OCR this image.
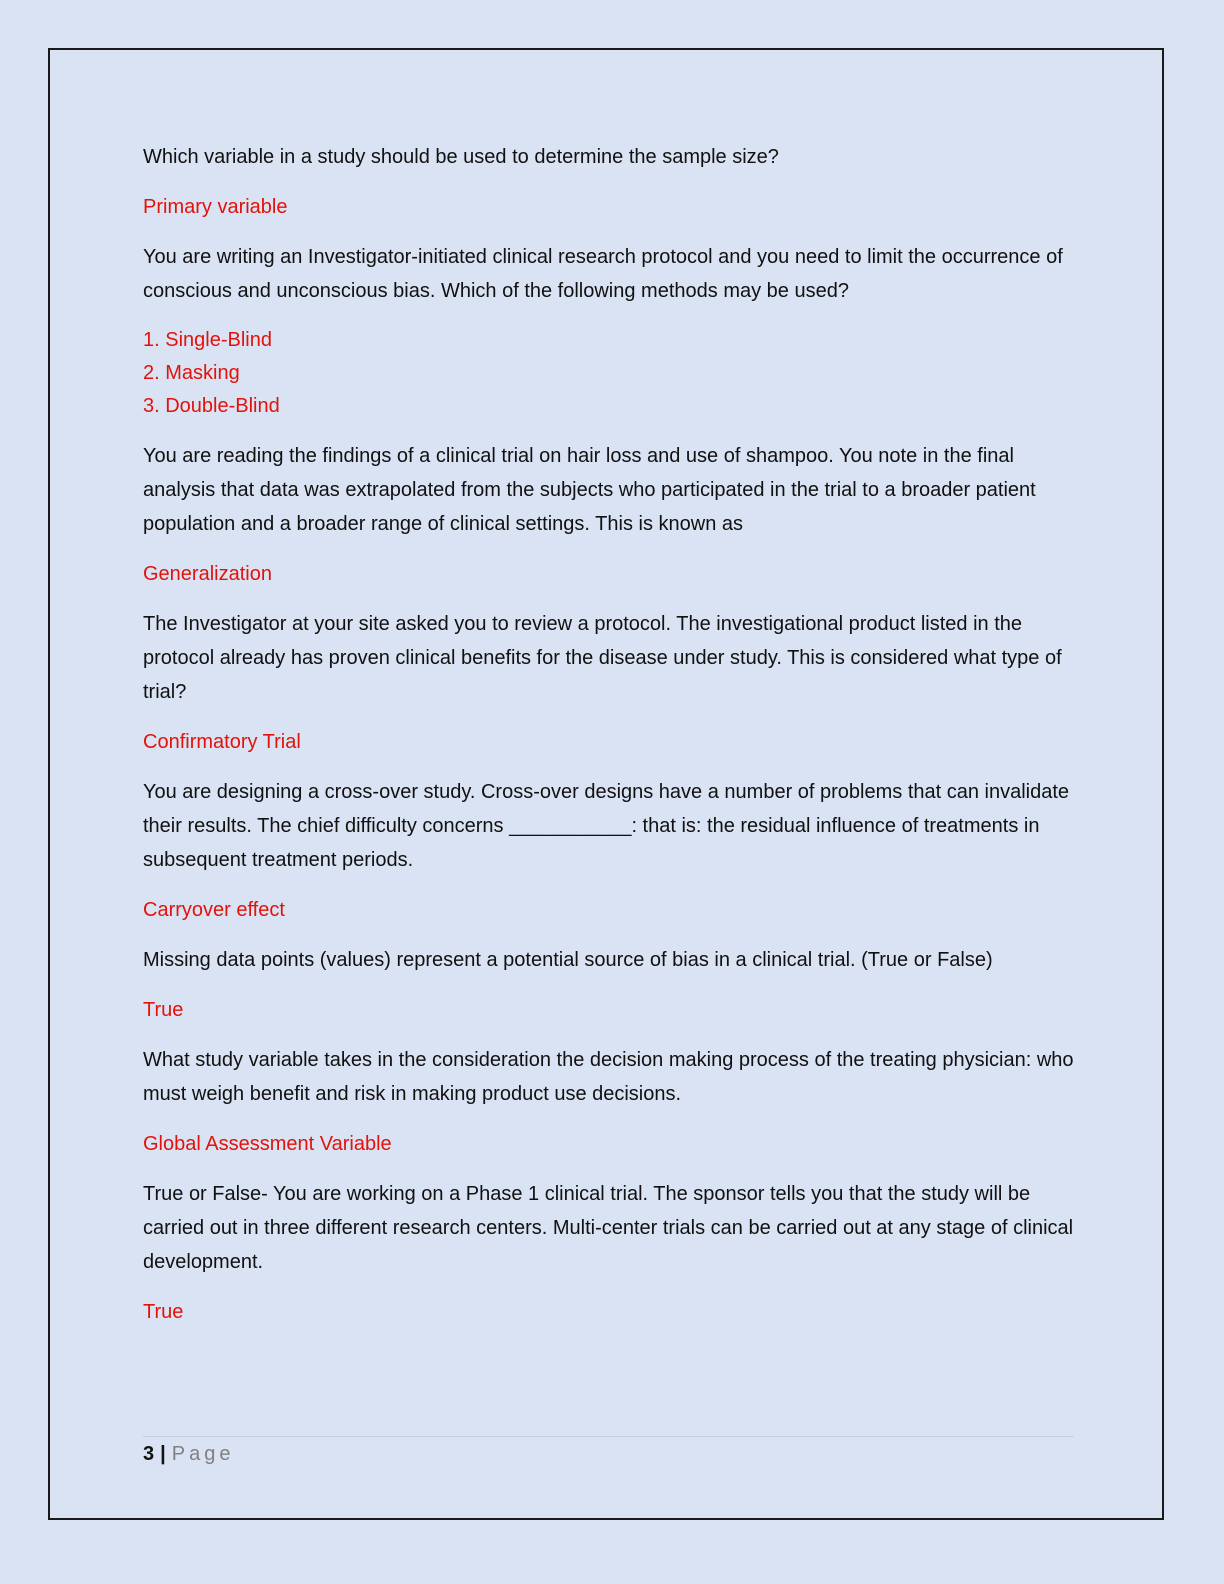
Which variable in a study should be used to determine the sample size?

Primary variable

You are writing an Investigator-initiated clinical research protocol and you need to limit the occurrence of conscious and unconscious bias. Which of the following methods may be used?

1. Single-Blind
2. Masking
3. Double-Blind

You are reading the findings of a clinical trial on hair loss and use of shampoo. You note in the final analysis that data was extrapolated from the subjects who participated in the trial to a broader patient population and a broader range of clinical settings. This is known as

Generalization

The Investigator at your site asked you to review a protocol. The investigational product listed in the protocol already has proven clinical benefits for the disease under study. This is considered what type of trial?

Confirmatory Trial

You are designing a cross-over study. Cross-over designs have a number of problems that can invalidate their results. The chief difficulty concerns ___________: that is: the residual influence of treatments in subsequent treatment periods.

Carryover effect

Missing data points (values) represent a potential source of bias in a clinical trial. (True or False)

True

What study variable takes in the consideration the decision making process of the treating physician: who must weigh benefit and risk in making product use decisions.

Global Assessment Variable

True or False- You are working on a Phase 1 clinical trial. The sponsor tells you that the study will be carried out in three different research centers. Multi-center trials can be carried out at any stage of clinical development.

True

3 | Page
